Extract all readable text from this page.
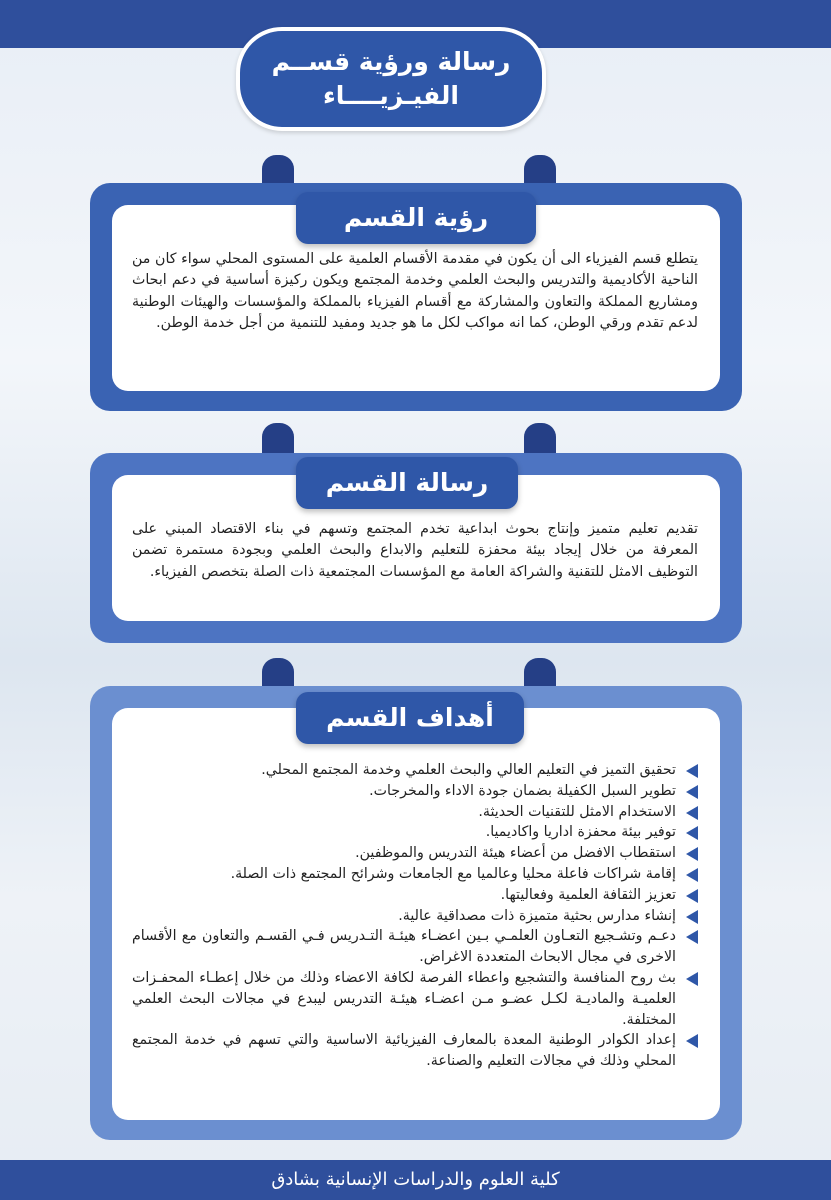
رسالة ورؤية قســم
الفيـزيــــاء
يتطلع قسم الفيزياء الى أن يكون في مقدمة الأقسام العلمية على المستوى المحلي سواء كان من الناحية الأكاديمية والتدريس والبحث العلمي وخدمة المجتمع ويكون ركيزة أساسية في دعم ابحاث ومشاريع المملكة والتعاون والمشاركة مع أقسام الفيزياء بالمملكة والمؤسسات والهيئات الوطنية لدعم تقدم ورقي الوطن، كما انه مواكب لكل ما هو جديد ومفيد للتنمية من أجل خدمة الوطن.
رؤية القسم
تقديم تعليم متميز وإنتاج بحوث ابداعية تخدم المجتمع وتسهم في بناء الاقتصاد المبني على المعرفة من خلال إيجاد بيئة محفزة للتعليم والابداع والبحث العلمي وبجودة مستمرة تضمن التوظيف الامثل للتقنية والشراكة العامة مع المؤسسات المجتمعية ذات الصلة بتخصص الفيزياء.
رسالة القسم
تحقيق التميز في التعليم العالي والبحث العلمي وخدمة المجتمع المحلي.
تطوير السبل الكفيلة بضمان جودة الاداء والمخرجات.
الاستخدام الامثل للتقنيات الحديثة.
توفير بيئة محفزة اداريا واكاديميا.
استقطاب الافضل من أعضاء هيئة التدريس والموظفين.
إقامة شراكات فاعلة محليا وعالميا مع الجامعات وشرائح المجتمع ذات الصلة.
تعزيز الثقافة العلمية وفعاليتها.
إنشاء مدارس بحثية متميزة ذات مصداقية عالية.
دعـم وتشـجيع التعـاون العلمـي بـين اعضـاء هيئـة التـدريس فـي القسـم والتعاون مع الأقسام الاخرى في مجال الابحاث المتعددة الاغراض.
بث روح المنافسة والتشجيع واعطاء الفرصة لكافة الاعضاء وذلك من خلال إعطـاء المحفـزات العلميـة والماديـة لكـل عضـو مـن اعضـاء هيئـة التدريس ليبدع في مجالات البحث العلمي المختلفة.
إعداد الكوادر الوطنية المعدة بالمعارف الفيزيائية الاساسية والتي تسهم في خدمة المجتمع المحلي وذلك في مجالات التعليم والصناعة.
أهداف القسم
كلية العلوم والدراسات الإنسانية بشادق
